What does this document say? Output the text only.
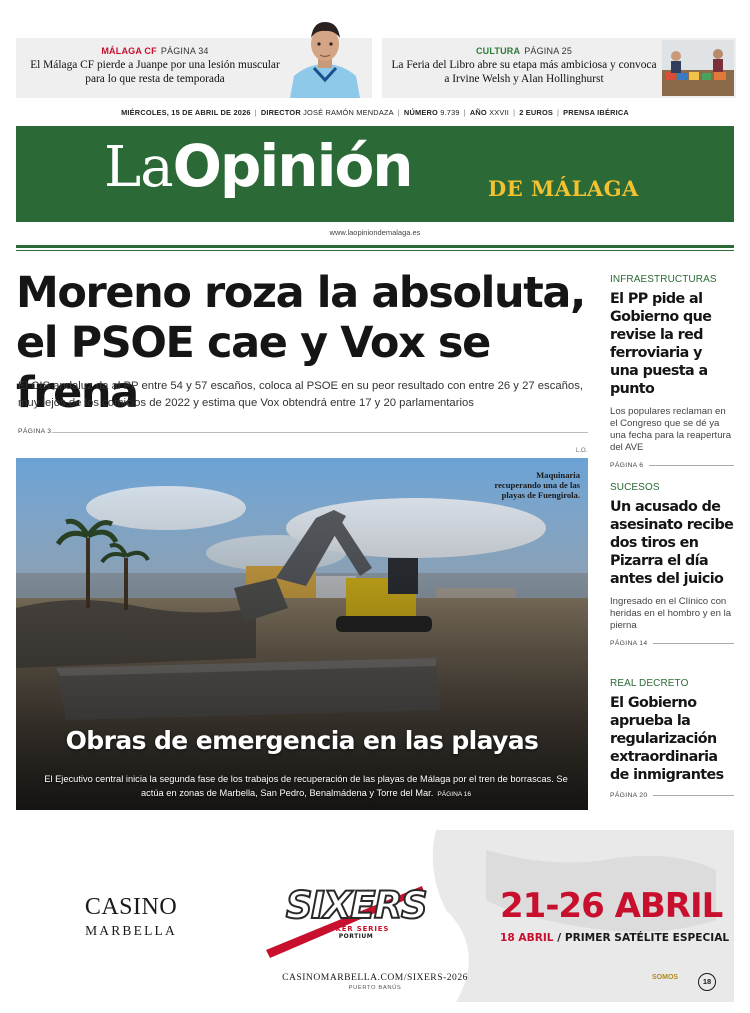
MÁLAGA CF PÁGINA 34
El Málaga CF pierde a Juanpe por una lesión muscular para lo que resta de temporada
CULTURA PÁGINA 25
La Feria del Libro abre su etapa más ambiciosa y convoca a Irvine Welsh y Alan Hollinghurst
MIÉRCOLES, 15 DE ABRIL DE 2026 | DIRECTOR JOSÉ RAMÓN MENDAZA | NÚMERO 9.739 | AÑO XXVII | 2 EUROS | PRENSA IBÉRICA
LaOpinión	DE MÁLAGA
www.laopiniondemalaga.es
Moreno roza la absoluta, el PSOE cae y Vox se frena

El CIS andaluz da al PP entre 54 y 57 escaños, coloca al PSOE en su peor resultado con entre 26 y 27 escaños, muy lejos de los comicios de 2022 y estima que Vox obtendrá entre 17 y 20 parlamentarios

PÁGINA 3
L.O.
Maquinaria recuperando una de las playas de Fuengirola.
Obras de emergencia en las playas
El Ejecutivo central inicia la segunda fase de los trabajos de recuperación de las playas de Málaga por el tren de borrascas. Se actúa en zonas de Marbella, San Pedro, Benalmádena y Torre del Mar. PÁGINA 16
INFRAESTRUCTURAS
El PP pide al Gobierno que revise la red ferroviaria y una puesta a punto
Los populares reclaman en el Congreso que se dé ya una fecha para la reapertura del AVE
PÁGINA 6
SUCESOS
Un acusado de asesinato recibe dos tiros en Pizarra el día antes del juicio
Ingresado en el Clínico con heridas en el hombro y en la pierna
PÁGINA 14
REAL DECRETO
El Gobierno aprueba la regularización extraordinaria de inmigrantes
PÁGINA 20
CASINO
MARBELLA
SIXERS
POKER SERIES
PORTIUM
21-26 ABRIL
18 ABRIL / PRIMER SATÉLITE ESPECIAL
CASINOMARBELLA.COM/SIXERS-2026
PUERTO BANÚS
SOMOS	18
